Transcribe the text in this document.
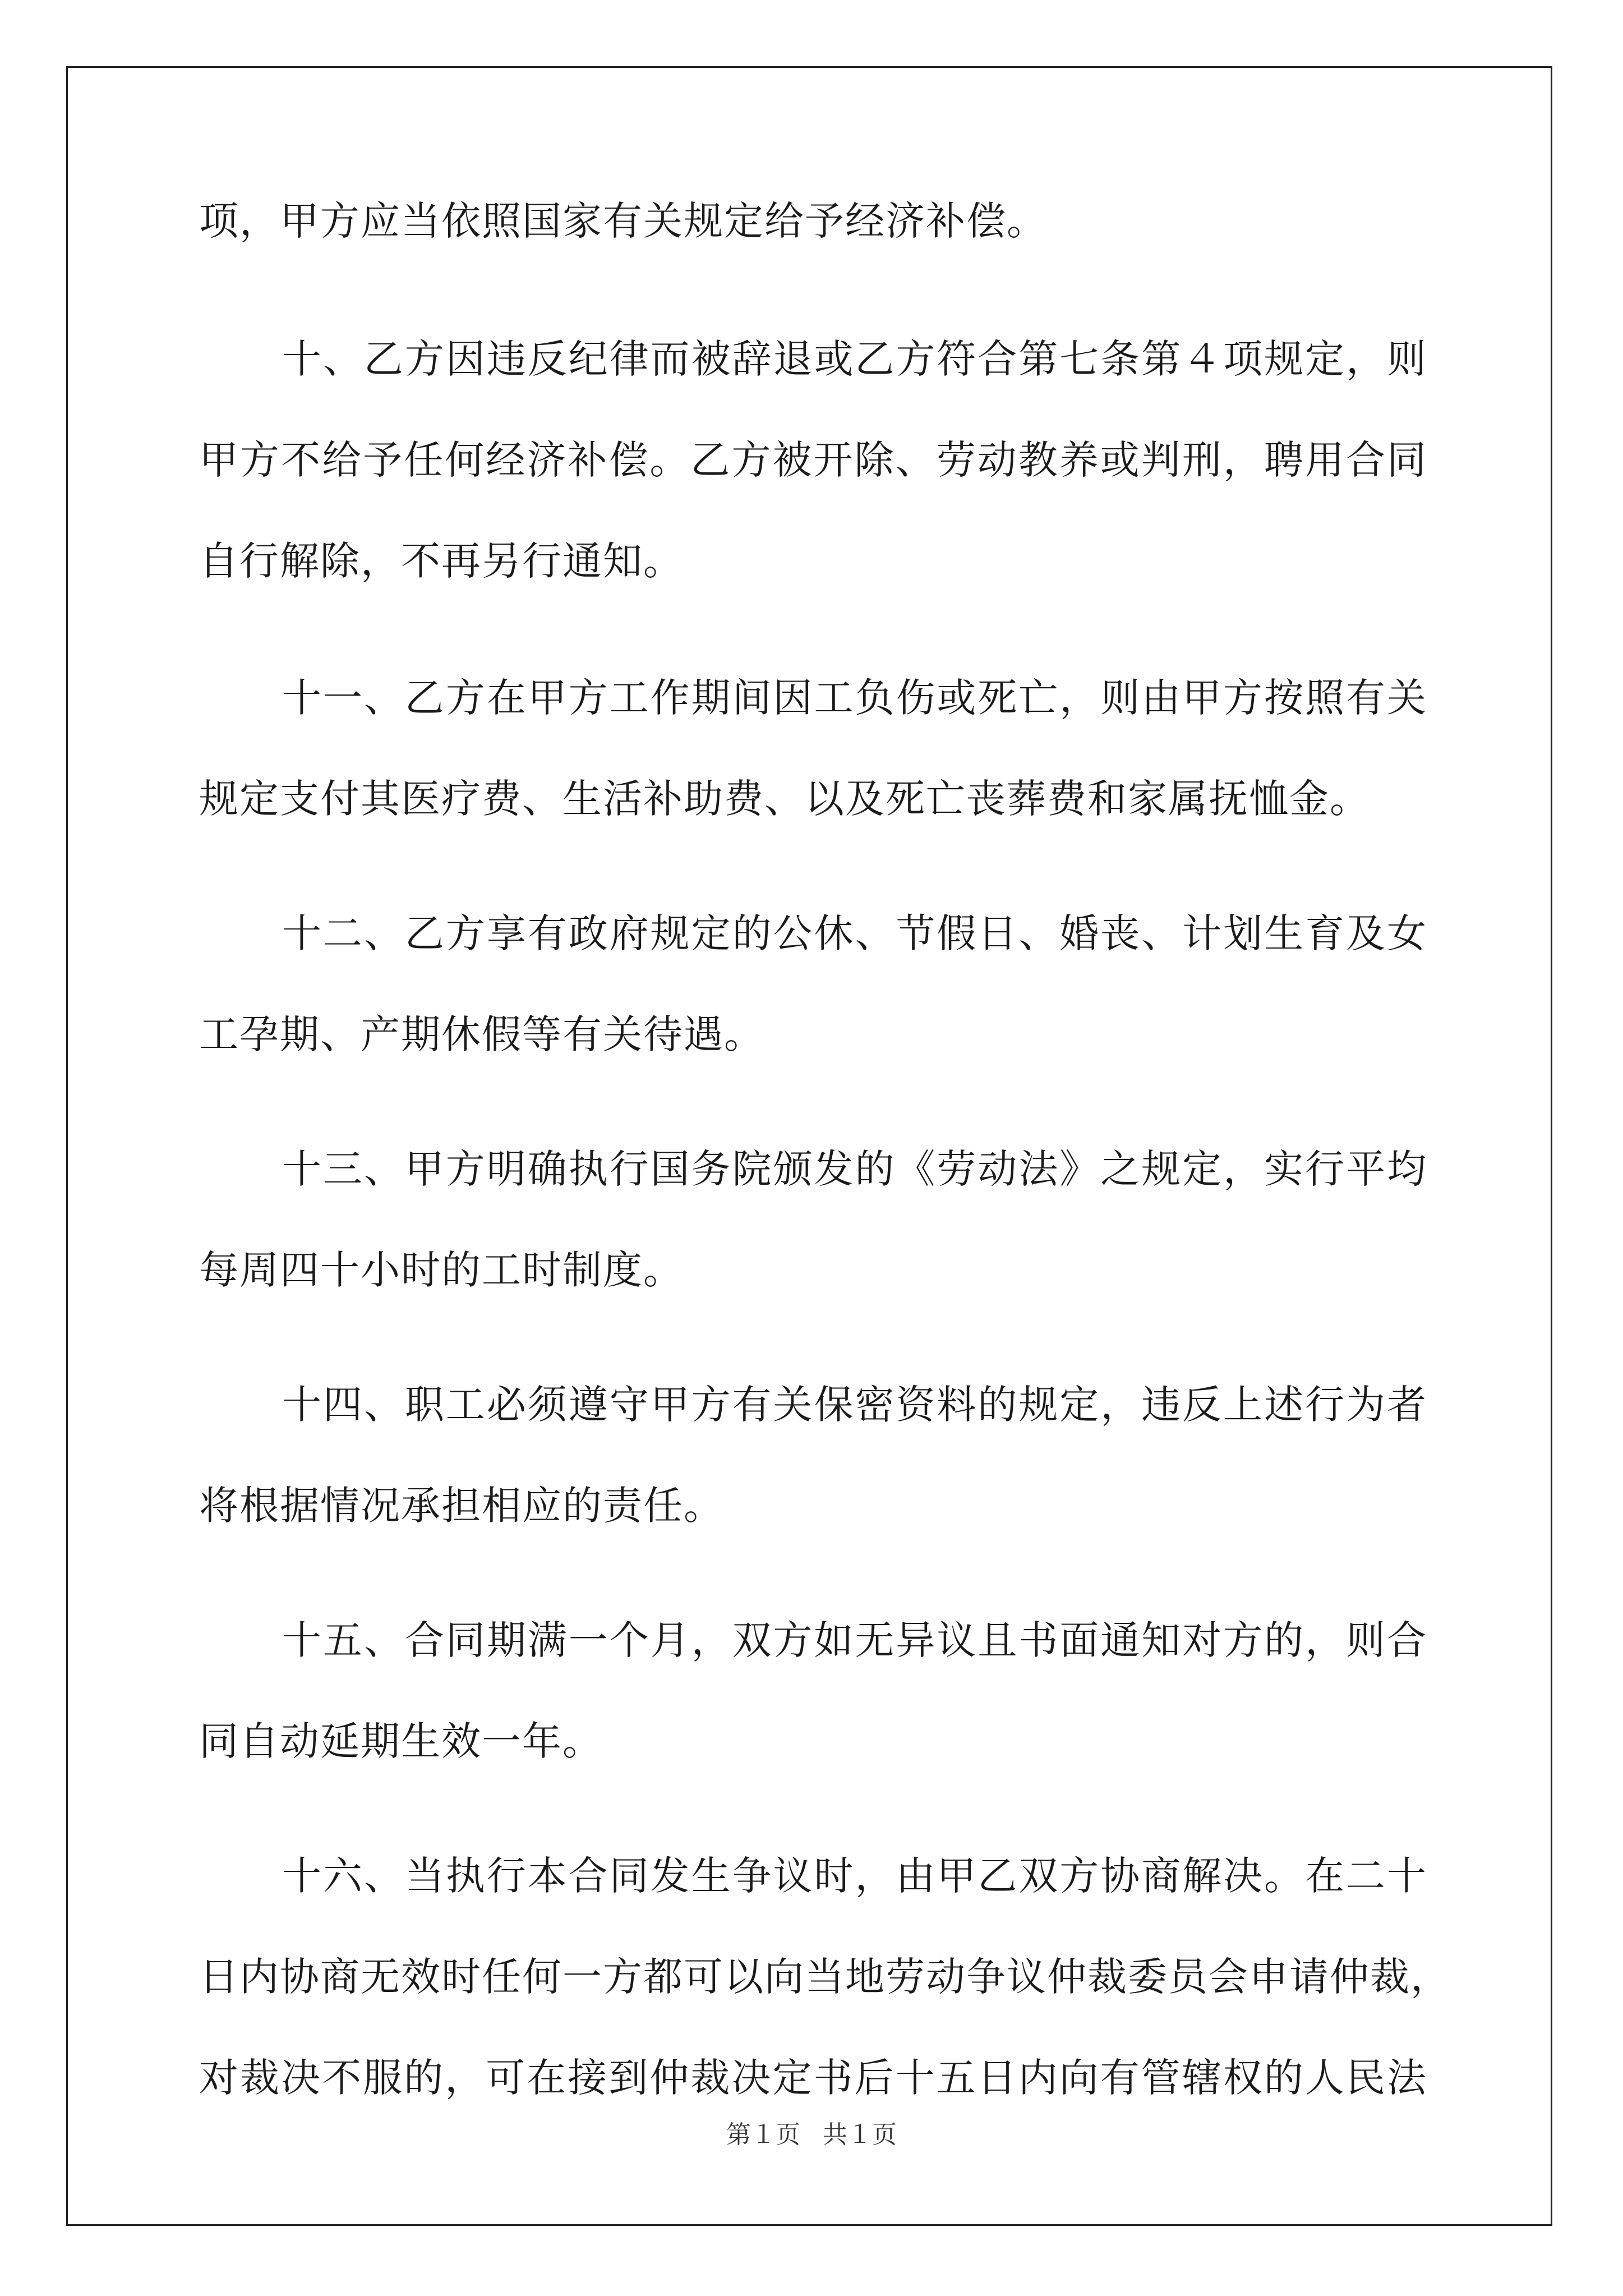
项，甲方应当依照国家有关规定给予经济补偿。

十、乙方因违反纪律而被辞退或乙方符合第七条第４项规定，则
甲方不给予任何经济补偿。乙方被开除、劳动教养或判刑，聘用合同
自行解除，不再另行通知。

十一、乙方在甲方工作期间因工负伤或死亡，则由甲方按照有关
规定支付其医疗费、生活补助费、以及死亡丧葬费和家属抚恤金。

十二、乙方享有政府规定的公休、节假日、婚丧、计划生育及女
工孕期、产期休假等有关待遇。

十三、甲方明确执行国务院颁发的《劳动法》之规定，实行平均
每周四十小时的工时制度。

十四、职工必须遵守甲方有关保密资料的规定，违反上述行为者
将根据情况承担相应的责任。

十五、合同期满一个月，双方如无异议且书面通知对方的，则合
同自动延期生效一年。

十六、当执行本合同发生争议时，由甲乙双方协商解决。在二十
日内协商无效时任何一方都可以向当地劳动争议仲裁委员会申请仲裁，
对裁决不服的，可在接到仲裁决定书后十五日内向有管辖权的人民法

第１页 共１页
